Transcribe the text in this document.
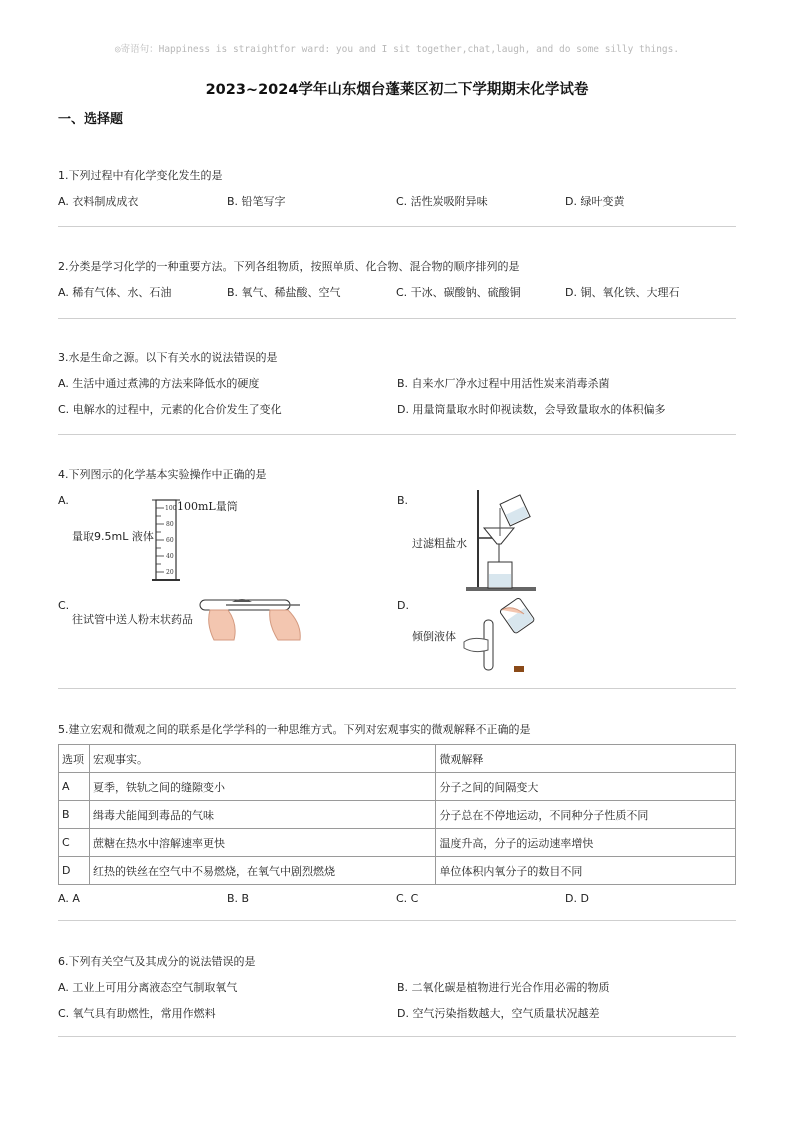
◎寄语句：Happiness is straightfor ward: you and I sit together,chat,laugh, and do some silly things.
2023~2024学年山东烟台蓬莱区初二下学期期末化学试卷
一、选择题
1.下列过程中有化学变化发生的是
A. 衣料制成成衣	B. 铅笔写字	C. 活性炭吸附异味	D. 绿叶变黄
2.分类是学习化学的一种重要方法。下列各组物质，按照单质、化合物、混合物的顺序排列的是
A. 稀有气体、水、石油	B. 氧气、稀盐酸、空气	C. 干冰、碳酸钠、硫酸铜	D. 铜、氧化铁、大理石
3.水是生命之源。以下有关水的说法错误的是
A. 生活中通过煮沸的方法来降低水的硬度	B. 自来水厂净水过程中用活性炭来消毒杀菌
C. 电解水的过程中，元素的化合价发生了变化	D. 用量筒量取水时仰视读数，会导致量取水的体积偏多
4.下列图示的化学基本实验操作中正确的是
A.
100
80
60
40
20
100mL量筒
量取9.5mL 液体
B.
过滤粗盐水
C.
往试管中送人粉末状药品
D.
倾倒液体
5.建立宏观和微观之间的联系是化学学科的一种思维方式。下列对宏观事实的微观解释不正确的是
选项	宏观事实。	微观解释
A	夏季，铁轨之间的缝隙变小	分子之间的间隔变大
B	缉毒犬能闻到毒品的气味	分子总在不停地运动，不同种分子性质不同
C	蔗糖在热水中溶解速率更快	温度升高，分子的运动速率增快
D	红热的铁丝在空气中不易燃烧，在氧气中剧烈燃烧	单位体积内氧分子的数目不同
A. A	B. B	C. C	D. D
6.下列有关空气及其成分的说法错误的是
A. 工业上可用分离液态空气制取氧气	B. 二氧化碳是植物进行光合作用必需的物质
C. 氧气具有助燃性，常用作燃料	D. 空气污染指数越大，空气质量状况越差
